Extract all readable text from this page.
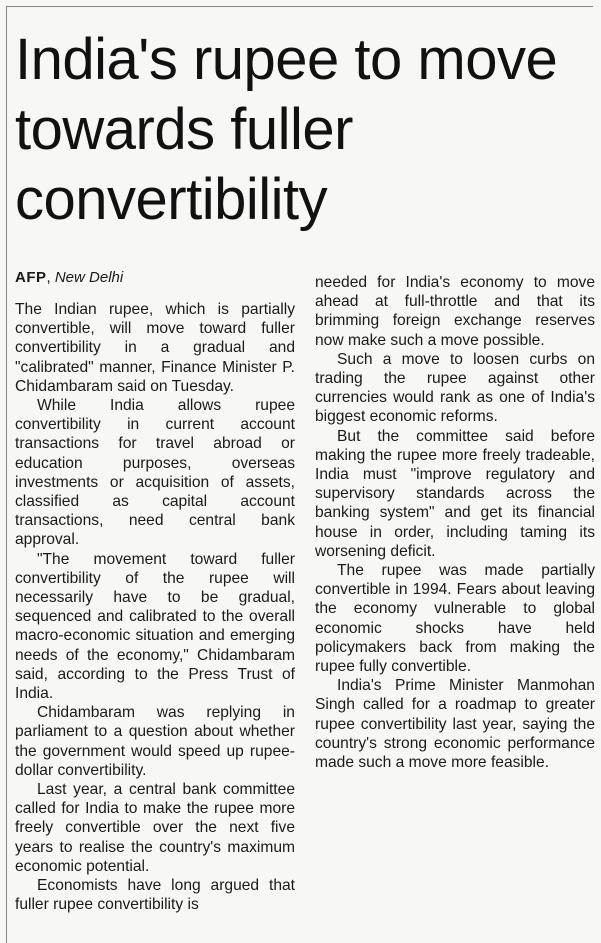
India's rupee to move towards fuller convertibility
AFP, New Delhi

The Indian rupee, which is partially convertible, will move toward fuller convertibility in a gradual and "calibrated" manner, Finance Minister P. Chidambaram said on Tuesday.

While India allows rupee convertibility in current account transactions for travel abroad or education purposes, overseas investments or acquisition of assets, classified as capital account transactions, need central bank approval.

"The movement toward fuller convertibility of the rupee will necessarily have to be gradual, sequenced and calibrated to the overall macro-economic situation and emerging needs of the economy," Chidambaram said, according to the Press Trust of India.

Chidambaram was replying in parliament to a question about whether the government would speed up rupee-dollar convertibility.

Last year, a central bank committee called for India to make the rupee more freely convertible over the next five years to realise the country's maximum economic potential.

Economists have long argued that fuller rupee convertibility is

needed for India's economy to move ahead at full-throttle and that its brimming foreign exchange reserves now make such a move possible.

Such a move to loosen curbs on trading the rupee against other currencies would rank as one of India's biggest economic reforms.

But the committee said before making the rupee more freely tradeable, India must "improve regulatory and supervisory standards across the banking system" and get its financial house in order, including taming its worsening deficit.

The rupee was made partially convertible in 1994. Fears about leaving the economy vulnerable to global economic shocks have held policymakers back from making the rupee fully convertible.

India's Prime Minister Manmohan Singh called for a roadmap to greater rupee convertibility last year, saying the country's strong economic performance made such a move more feasible.
